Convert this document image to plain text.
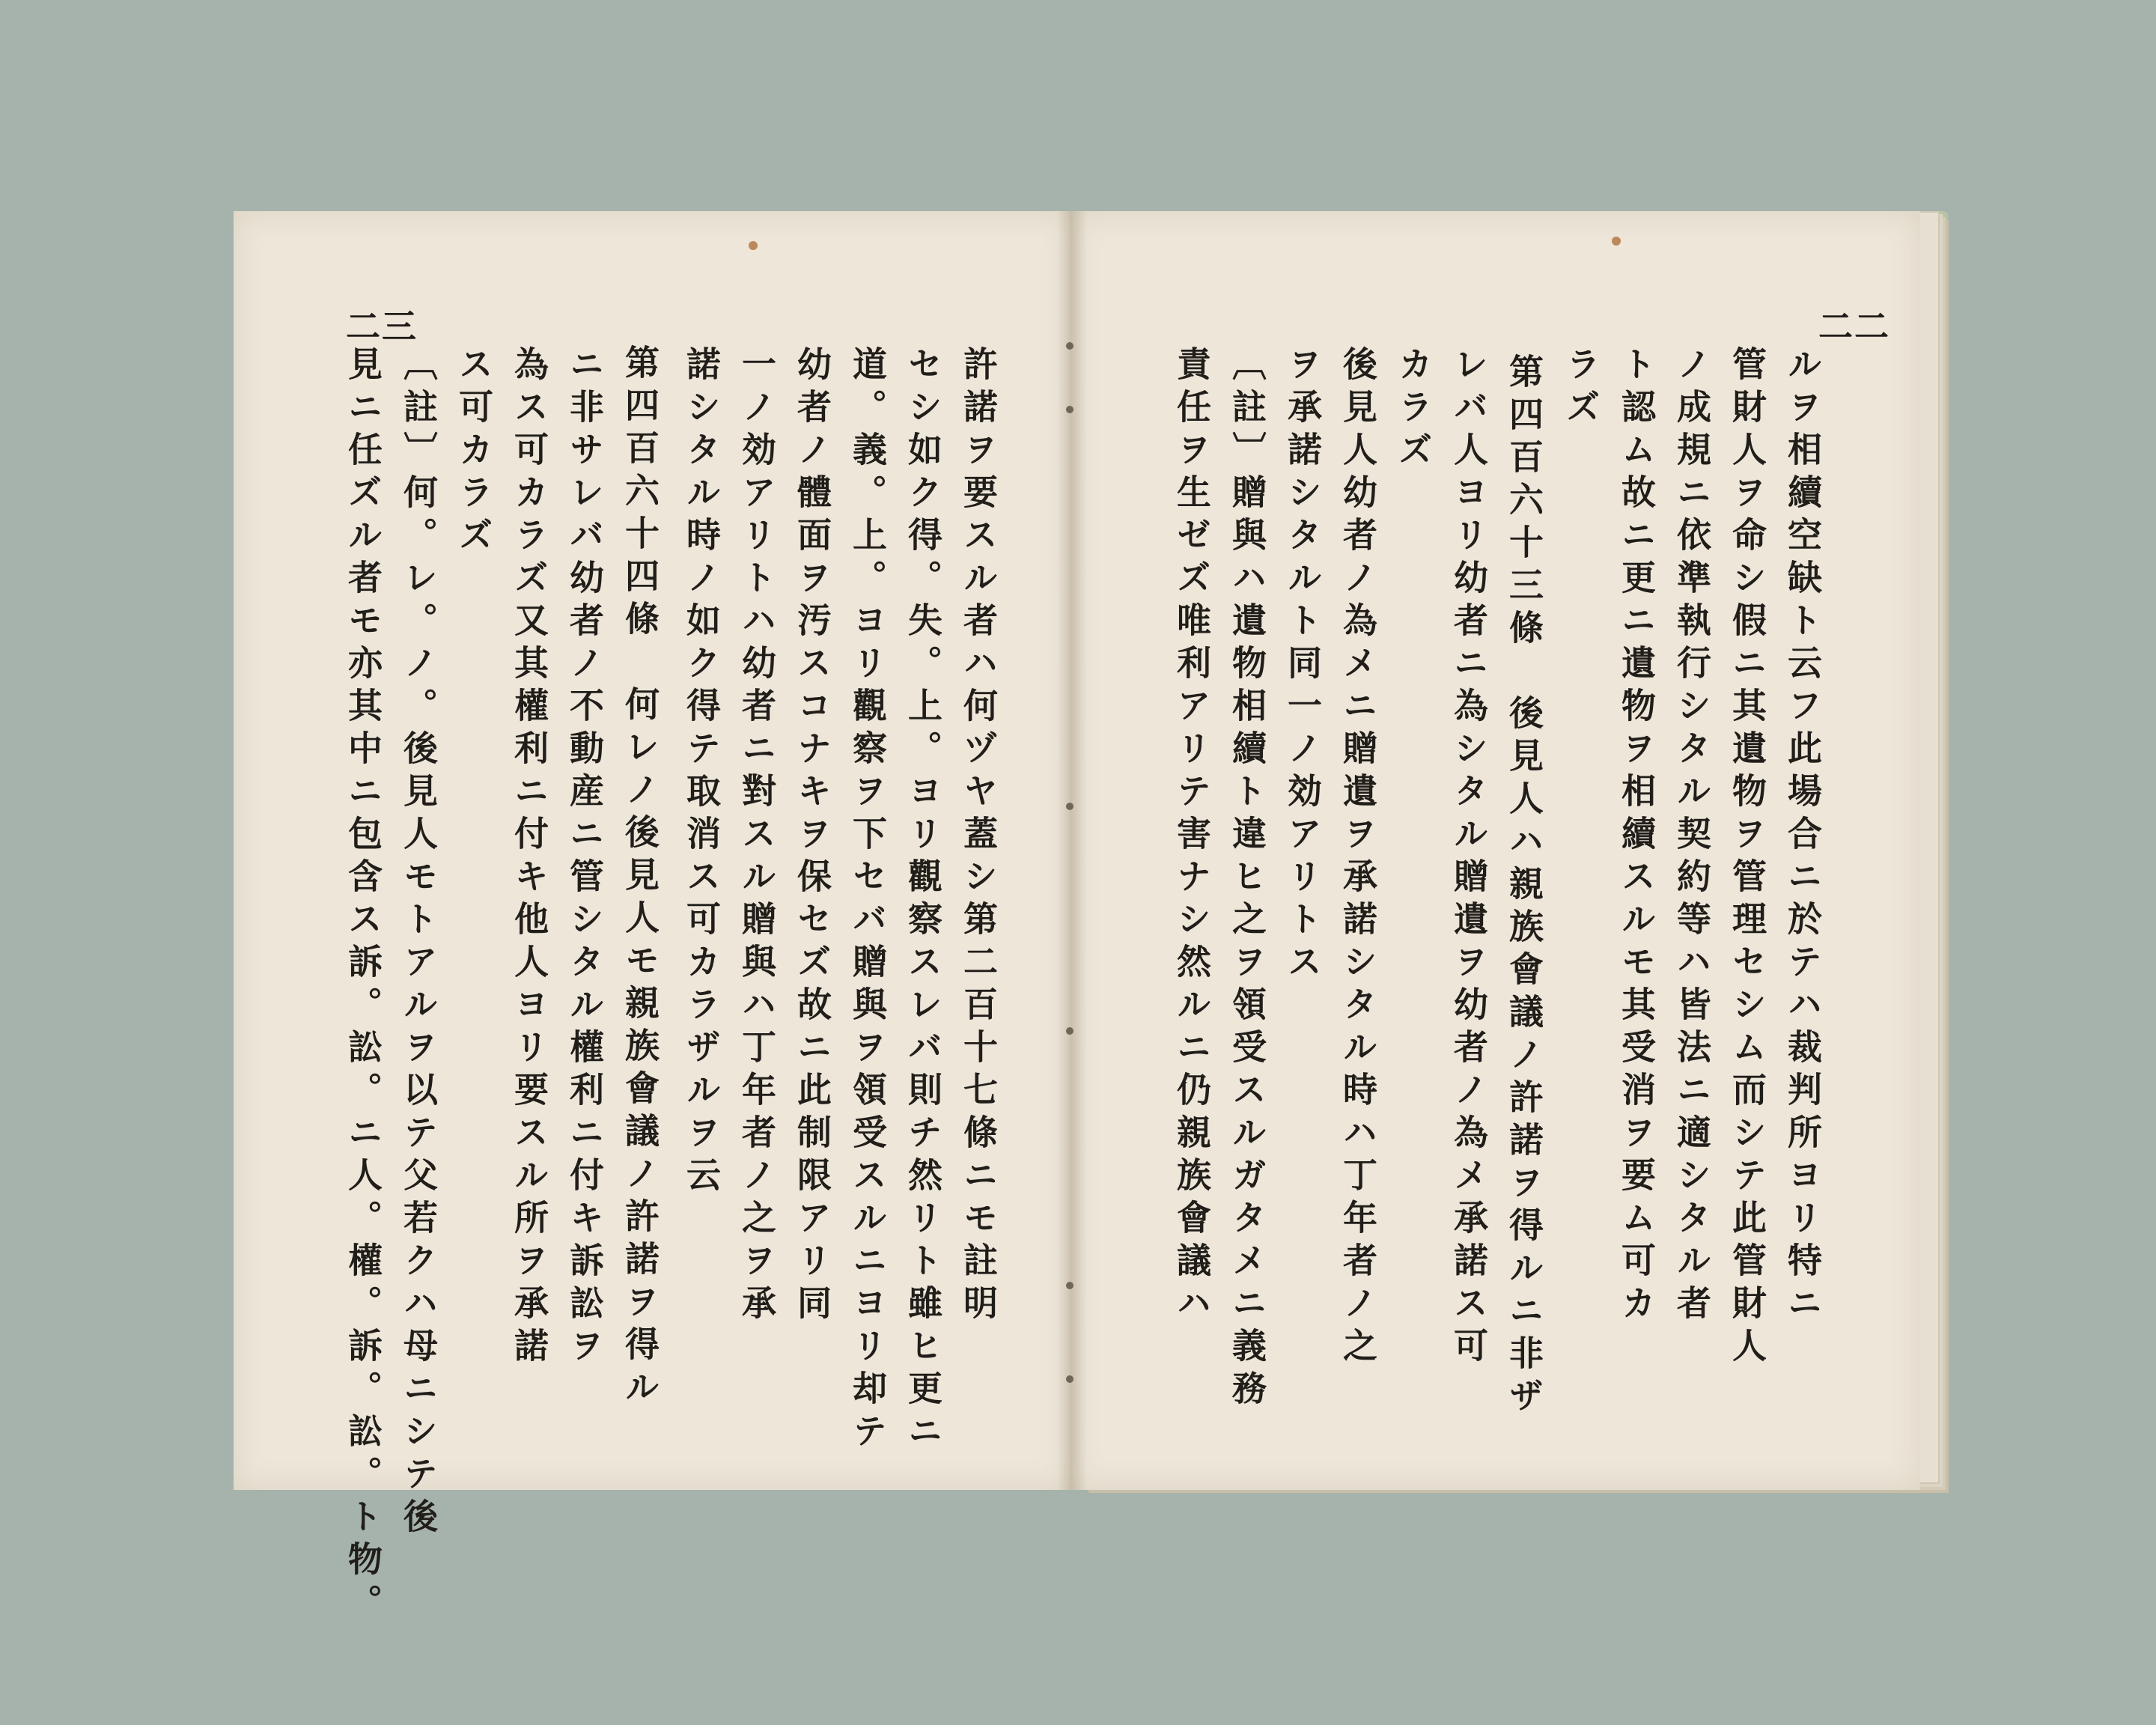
二三
許諾ヲ要スル者ハ何ヅヤ蓋シ第二百十七條ニモ註明
セシ如ク得。失。上。ヨリ觀察スレバ則チ然リト雖ヒ更ニ
道。義。上。ヨリ觀察ヲ下セバ贈與ヲ領受スルニヨリ却テ
幼者ノ體面ヲ汚スコナキヲ保セズ故ニ此制限アリ同
一ノ効アリトハ幼者ニ對スル贈與ハ丁年者ノ之ヲ承
諾シタル時ノ如ク得テ取消ス可カラザルヲ云
第四百六十四條　何レノ後見人モ親族會議ノ許諾ヲ得ル
ニ非サレバ幼者ノ不動産ニ管シタル權利ニ付キ訴訟ヲ
為ス可カラズ又其權利ニ付キ他人ヨリ要スル所ヲ承諾
ス可カラズ
〔註〕何。レ。ノ。後見人モトアルヲ以テ父若クハ母ニシテ後
見ニ任ズル者モ亦其中ニ包含ス訴。訟。ニ人。權。訴。訟。ト物。
二二
ルヲ相續空缺ト云フ此場合ニ於テハ裁判所ヨリ特ニ
管財人ヲ命シ假ニ其遺物ヲ管理セシム而シテ此管財人
ノ成規ニ依準執行シタル契約等ハ皆法ニ適シタル者
ト認ム故ニ更ニ遺物ヲ相續スルモ其受消ヲ要ム可カ
ラズ
第四百六十三條　後見人ハ親族會議ノ許諾ヲ得ルニ非ザ
レバ人ヨリ幼者ニ為シタル贈遺ヲ幼者ノ為メ承諾ス可
カラズ
後見人幼者ノ為メニ贈遺ヲ承諾シタル時ハ丁年者ノ之
ヲ承諾シタルト同一ノ効アリトス
〔註〕贈與ハ遺物相續ト違ヒ之ヲ領受スルガタメニ義務
責任ヲ生ゼズ唯利アリテ害ナシ然ルニ仍親族會議ハ
